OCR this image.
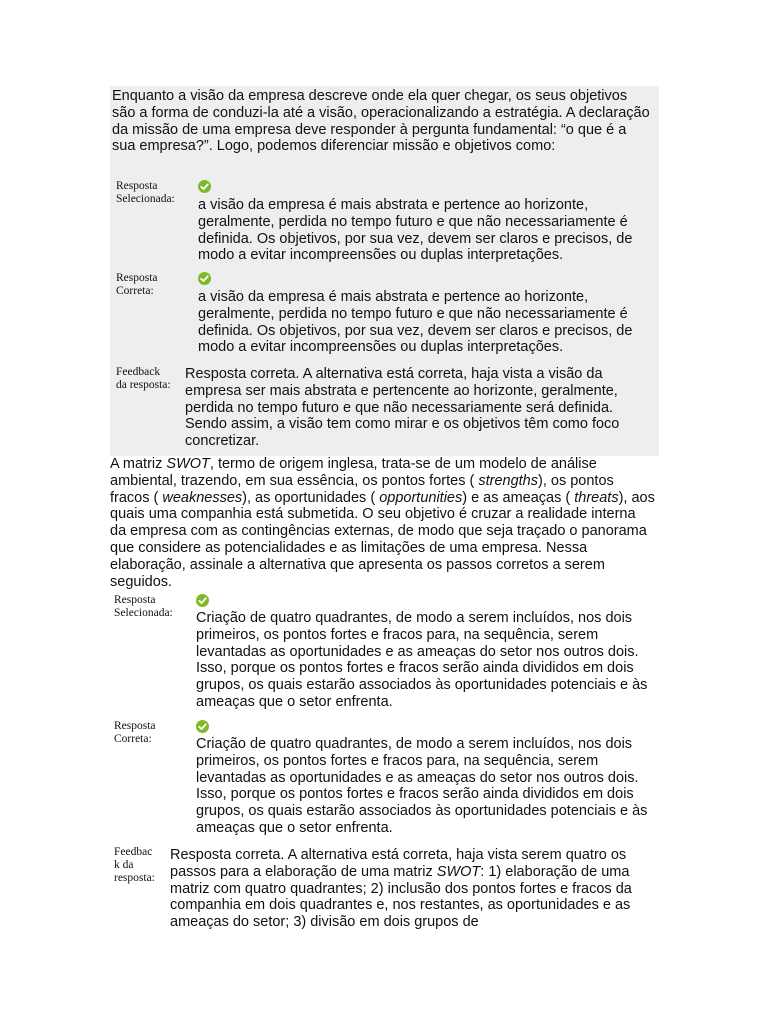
Enquanto a visão da empresa descreve onde ela quer chegar, os seus objetivos são a forma de conduzi-la até a visão, operacionalizando a estratégia. A declaração da missão de uma empresa deve responder à pergunta fundamental: “o que é a sua empresa?”. Logo, podemos diferenciar missão e objetivos como:
Resposta
Selecionada: a visão da empresa é mais abstrata e pertence ao horizonte, geralmente, perdida no tempo futuro e que não necessariamente é definida. Os objetivos, por sua vez, devem ser claros e precisos, de modo a evitar incompreensões ou duplas interpretações.
Resposta
Correta:	a visão da empresa é mais abstrata e pertence ao horizonte, geralmente, perdida no tempo futuro e que não necessariamente é definida. Os objetivos, por sua vez, devem ser claros e precisos, de modo a evitar incompreensões ou duplas interpretações.
Feedback
da resposta:
Resposta correta. A alternativa está correta, haja vista a visão da empresa ser mais abstrata e pertencente ao horizonte, geralmente, perdida no tempo futuro e que não necessariamente será definida. Sendo assim, a visão tem como mirar e os objetivos têm como foco concretizar.
A matriz SWOT, termo de origem inglesa, trata-se de um modelo de análise ambiental, trazendo, em sua essência, os pontos fortes ( strengths), os pontos fracos ( weaknesses), as oportunidades ( opportunities) e as ameaças ( threats), aos quais uma companhia está submetida. O seu objetivo é cruzar a realidade interna da empresa com as contingências externas, de modo que seja traçado o panorama que considere as potencialidades e as limitações de uma empresa. Nessa elaboração, assinale a alternativa que apresenta os passos corretos a serem seguidos.
Resposta
Selecionada: Criação de quatro quadrantes, de modo a serem incluídos, nos dois primeiros, os pontos fortes e fracos para, na sequência, serem levantadas as oportunidades e as ameaças do setor nos outros dois. Isso, porque os pontos fortes e fracos serão ainda divididos em dois grupos, os quais estarão associados às oportunidades potenciais e às ameaças que o setor enfrenta.
Resposta
Correta:	Criação de quatro quadrantes, de modo a serem incluídos, nos dois primeiros, os pontos fortes e fracos para, na sequência, serem levantadas as oportunidades e as ameaças do setor nos outros dois. Isso, porque os pontos fortes e fracos serão ainda divididos em dois grupos, os quais estarão associados às oportunidades potenciais e às ameaças que o setor enfrenta.
Feedbac
k da
resposta:
Resposta correta. A alternativa está correta, haja vista serem quatro os passos para a elaboração de uma matriz SWOT: 1) elaboração de uma matriz com quatro quadrantes; 2) inclusão dos pontos fortes e fracos da companhia em dois quadrantes e, nos restantes, as oportunidades e as ameaças do setor; 3) divisão em dois grupos de
